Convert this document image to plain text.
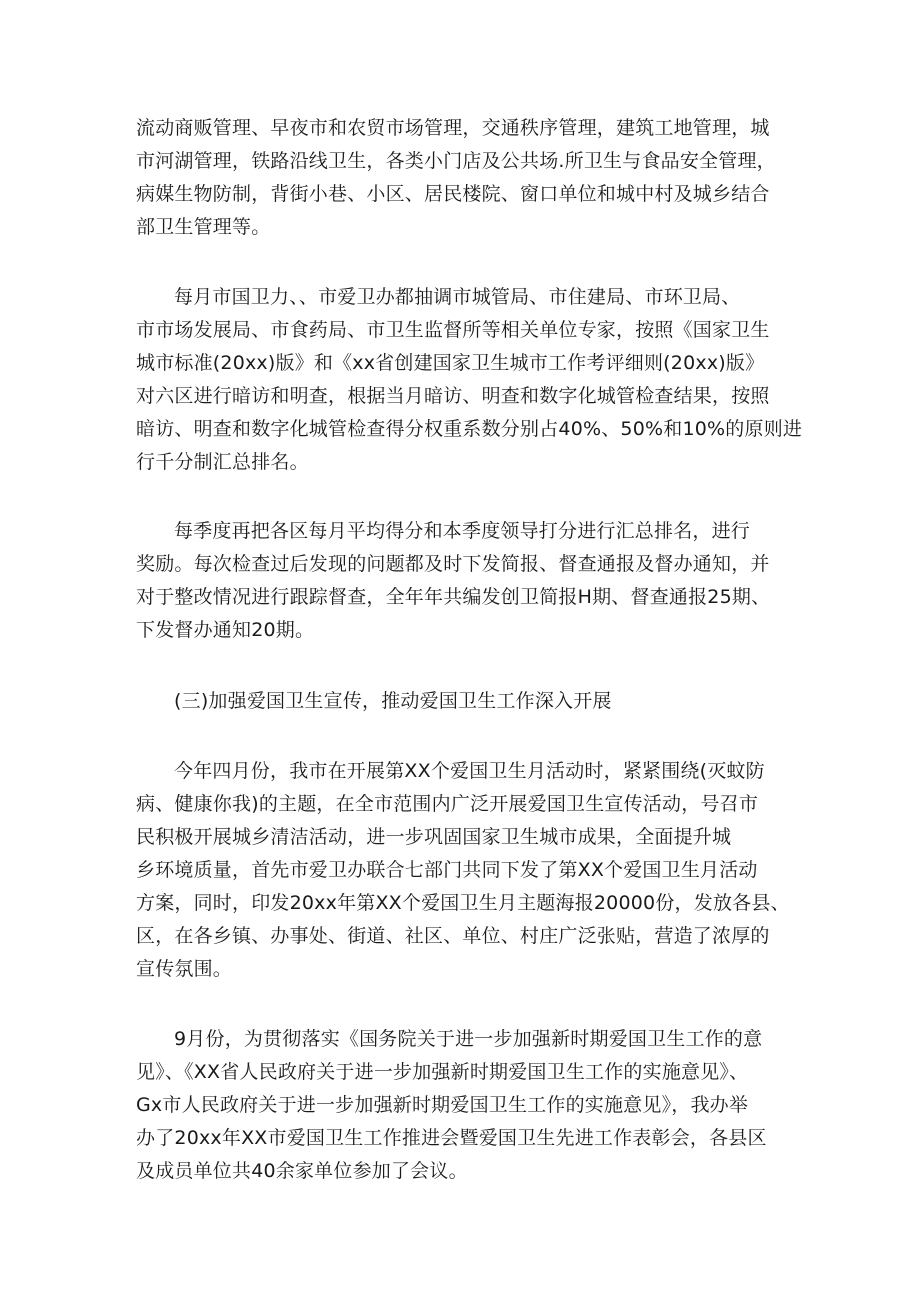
流动商贩管理、早夜市和农贸市场管理，交通秩序管理，建筑工地管理，城
市河湖管理，铁路沿线卫生，各类小门店及公共场.所卫生与食品安全管理，
病媒生物防制，背街小巷、小区、居民楼院、窗口单位和城中村及城乡结合
部卫生管理等。
每月市国卫力、、市爱卫办都抽调市城管局、市住建局、市环卫局、
市市场发展局、市食药局、市卫生监督所等相关单位专家，按照《国家卫生
城市标准(20xx)版》和《xx省创建国家卫生城市工作考评细则(20xx)版》
对六区进行暗访和明查，根据当月暗访、明查和数字化城管检查结果，按照
暗访、明查和数字化城管检查得分权重系数分别占40%、50%和10%的原则进
行千分制汇总排名。
每季度再把各区每月平均得分和本季度领导打分进行汇总排名，进行
奖励。每次检查过后发现的问题都及时下发简报、督查通报及督办通知，并
对于整改情况进行跟踪督查，全年年共编发创卫简报H期、督查通报25期、
下发督办通知20期。
(三)加强爱国卫生宣传，推动爱国卫生工作深入开展
今年四月份，我市在开展第XX个爱国卫生月活动时，紧紧围绕(灭蚊防
病、健康你我)的主题，在全市范围内广泛开展爱国卫生宣传活动，号召市
民积极开展城乡清洁活动，进一步巩固国家卫生城市成果，全面提升城
乡环境质量，首先市爱卫办联合七部门共同下发了第XX个爱国卫生月活动
方案，同时，印发20xx年第XX个爱国卫生月主题海报20000份，发放各县、
区，在各乡镇、办事处、街道、社区、单位、村庄广泛张贴，营造了浓厚的
宣传氛围。
9月份，为贯彻落实《国务院关于进一步加强新时期爱国卫生工作的意
见》、《XX省人民政府关于进一步加强新时期爱国卫生工作的实施意见》、
Gx市人民政府关于进一步加强新时期爱国卫生工作的实施意见》，我办举
办了20xx年XX市爱国卫生工作推进会暨爱国卫生先进工作表彰会，各县区
及成员单位共40余家单位参加了会议。
